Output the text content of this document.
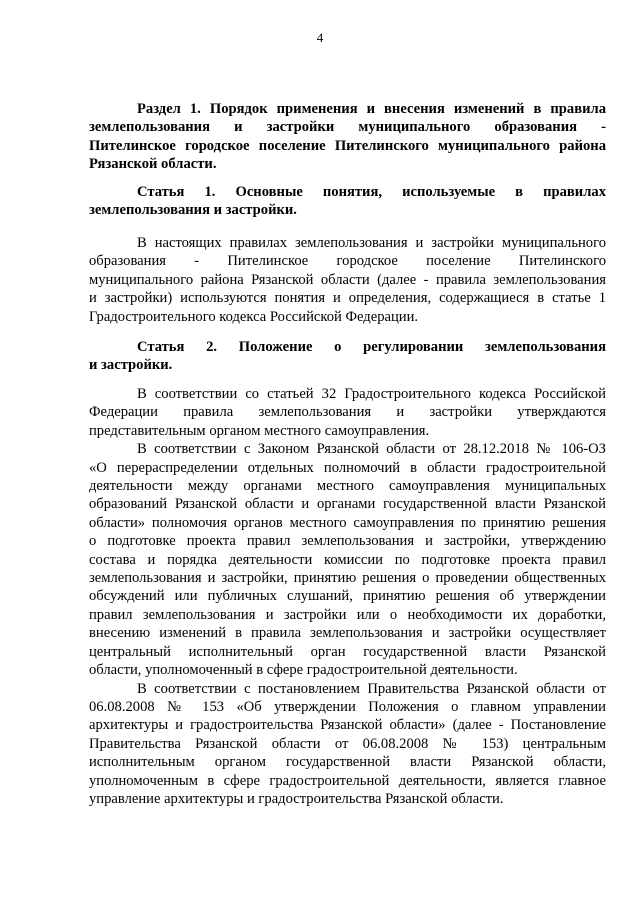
4

Раздел 1. Порядок применения и внесения изменений в правила

землепользования и застройки муниципального образования -

Пителинское городское поселение Пителинского муниципального района

Рязанской области.

Статья 1. Основные понятия, используемые в правилах

землепользования и застройки.

В настоящих правилах землепользования и застройки муниципального

образования - Пителинское городское поселение Пителинского

муниципального района Рязанской области (далее - правила землепользования

и застройки) используются понятия и определения, содержащиеся в статье 1

Градостроительного кодекса Российской Федерации.

Статья 2. Положение о регулировании землепользования

и застройки.

В соответствии со статьей 32 Градостроительного кодекса Российской

Федерации правила землепользования и застройки утверждаются

представительным органом местного самоуправления.

В соответствии с Законом Рязанской области от 28.12.2018 № 106-ОЗ

«О перераспределении отдельных полномочий в области градостроительной

деятельности между органами местного самоуправления муниципальных

образований Рязанской области и органами государственной власти Рязанской

области» полномочия органов местного самоуправления по принятию решения

о подготовке проекта правил землепользования и застройки, утверждению

состава и порядка деятельности комиссии по подготовке проекта правил

землепользования и застройки, принятию решения о проведении общественных

обсуждений или публичных слушаний, принятию решения об утверждении

правил землепользования и застройки или о необходимости их доработки,

внесению изменений в правила землепользования и застройки осуществляет

центральный исполнительный орган государственной власти Рязанской

области, уполномоченный в сфере градостроительной деятельности.

В соответствии с постановлением Правительства Рязанской области от

06.08.2008 № 153 «Об утверждении Положения о главном управлении

архитектуры и градостроительства Рязанской области» (далее - Постановление

Правительства Рязанской области от 06.08.2008 № 153) центральным

исполнительным органом государственной власти Рязанской области,

уполномоченным в сфере градостроительной деятельности, является главное

управление архитектуры и градостроительства Рязанской области.
